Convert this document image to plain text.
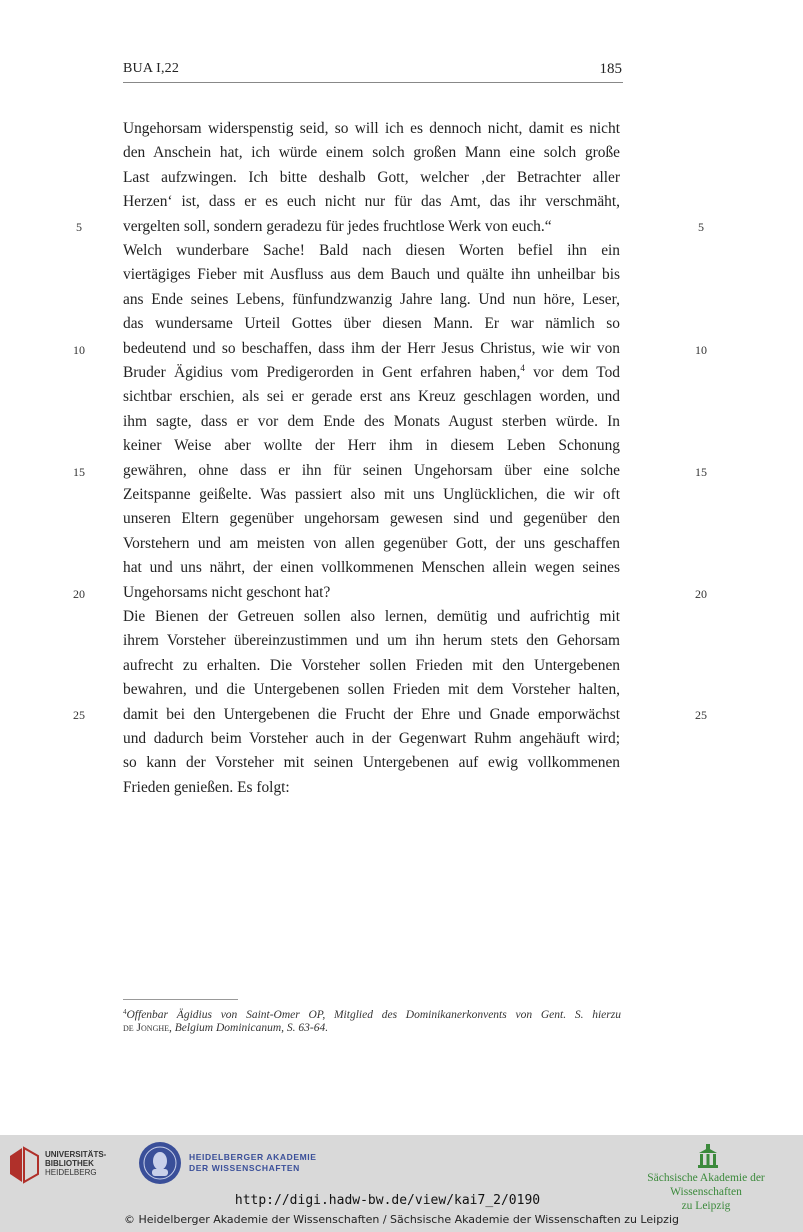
BUA I,22	185
Ungehorsam widerspenstig seid, so will ich es dennoch nicht, damit es nicht
den Anschein hat, ich würde einem solch großen Mann eine solch große
Last aufzwingen. Ich bitte deshalb Gott, welcher ‚der Betrachter aller
Herzen‘ ist, dass er es euch nicht nur für das Amt, das ihr verschmäht,
vergelten soll, sondern geradezu für jedes fruchtlose Werk von euch.“
Welch wunderbare Sache! Bald nach diesen Worten befiel ihn ein
viertägiges Fieber mit Ausfluss aus dem Bauch und quälte ihn unheilbar bis
ans Ende seines Lebens, fünfundzwanzig Jahre lang. Und nun höre, Leser,
das wundersame Urteil Gottes über diesen Mann. Er war nämlich so
bedeutend und so beschaffen, dass ihm der Herr Jesus Christus, wie wir von
Bruder Ägidius vom Predigerorden in Gent erfahren haben,$^4$ vor dem Tod
sichtbar erschien, als sei er gerade erst ans Kreuz geschlagen worden, und
ihm sagte, dass er vor dem Ende des Monats August sterben würde. In
keiner Weise aber wollte der Herr ihm in diesem Leben Schonung
gewähren, ohne dass er ihn für seinen Ungehorsam über eine solche
Zeitspanne geißelte. Was passiert also mit uns Unglücklichen, die wir oft
unseren Eltern gegenüber ungehorsam gewesen sind und gegenüber den
Vorstehern und am meisten von allen gegenüber Gott, der uns geschaffen
hat und uns nährt, der einen vollkommenen Menschen allein wegen seines
Ungehorsams nicht geschont hat?
Die Bienen der Getreuen sollen also lernen, demütig und aufrichtig mit
ihrem Vorsteher übereinzustimmen und um ihn herum stets den Gehorsam
aufrecht zu erhalten. Die Vorsteher sollen Frieden mit den Untergebenen
bewahren, und die Untergebenen sollen Frieden mit dem Vorsteher halten,
damit bei den Untergebenen die Frucht der Ehre und Gnade emporwächst
und dadurch beim Vorsteher auch in der Gegenwart Ruhm angehäuft wird;
so kann der Vorsteher mit seinen Untergebenen auf ewig vollkommenen
Frieden genießen. Es folgt:
5	5
10	10
15	15
20	20
25	25
$^4$Offenbar Ägidius von Saint-Omer OP, Mitglied des Dominikanerkonvents von Gent. S. hierzu
de Jonghe, Belgium Dominicanum, S. 63-64.
UNIVERSITÄTS-
BIBLIOTHEK
HEIDELBERG
HEIDELBERGER AKADEMIE
DER WISSENSCHAFTEN
Sächsische Akademie der Wissenschaften
zu Leipzig
http://digi.hadw-bw.de/view/kai7_2/0190
© Heidelberger Akademie der Wissenschaften / Sächsische Akademie der Wissenschaften zu Leipzig
